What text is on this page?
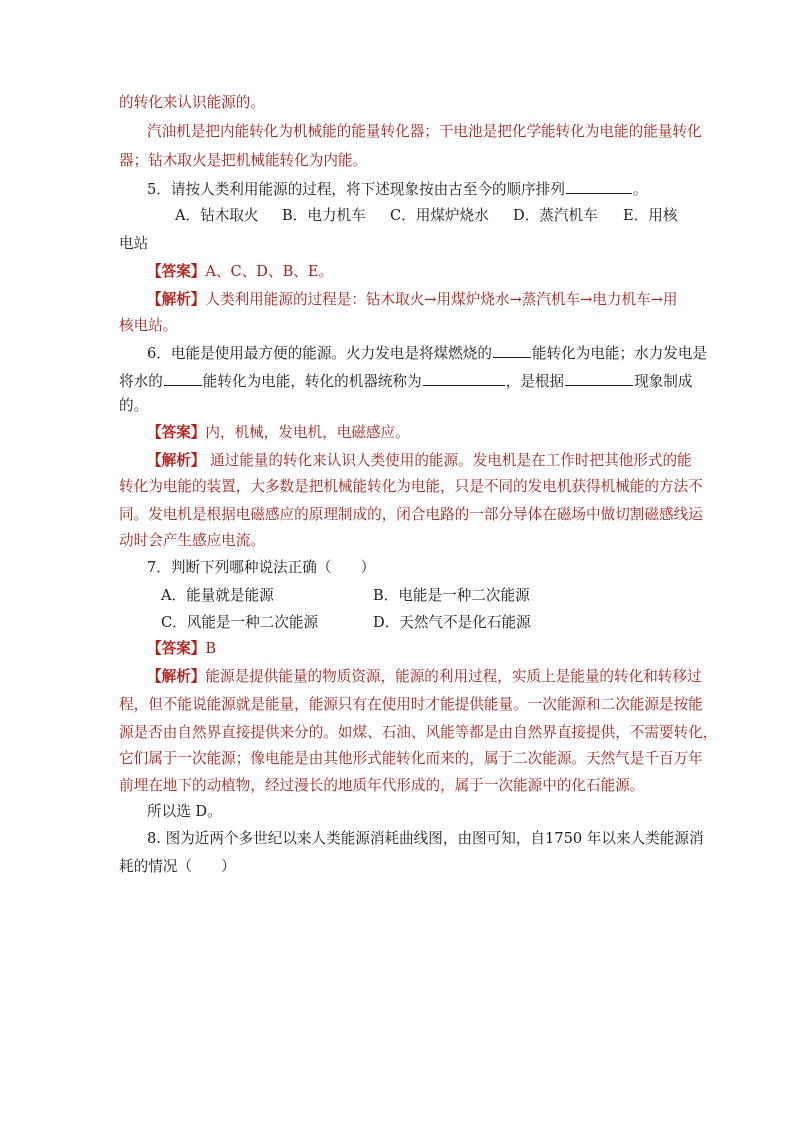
的转化来认识能源的。
汽油机是把内能转化为机械能的能量转化器；干电池是把化学能转化为电能的能量转化
器；钻木取火是把机械能转化为内能。
5．请按人类利用能源的过程，将下述现象按由古至今的顺序排列	。
A．钻木取火 B．电力机车 C．用煤炉烧水 D．蒸汽机车 E．用核
电站
【答案】A、C、D、B、E。
【解析】人类利用能源的过程是：钻木取火→用煤炉烧水→蒸汽机车→电力机车→用
核电站。
6．电能是使用最方便的能源。火力发电是将煤燃烧的	能转化为电能；水力发电是
将水的	能转化为电能，转化的机器统称为	，是根据	现象制成
的。
【答案】内，机械，发电机，电磁感应。
【解析】 通过能量的转化来认识人类使用的能源。发电机是在工作时把其他形式的能
转化为电能的装置，大多数是把机械能转化为电能，只是不同的发电机获得机械能的方法不
同。发电机是根据电磁感应的原理制成的，闭合电路的一部分导体在磁场中做切割磁感线运
动时会产生感应电流。
7．判断下列哪种说法正确（　　）
A．能量就是能源	B．电能是一种二次能源
C．风能是一种二次能源	D．天然气不是化石能源
【答案】B
【解析】能源是提供能量的物质资源，能源的利用过程，实质上是能量的转化和转移过
程，但不能说能源就是能量，能源只有在使用时才能提供能量。一次能源和二次能源是按能
源是否由自然界直接提供来分的。如煤、石油、风能等都是由自然界直接提供，不需要转化，
它们属于一次能源；像电能是由其他形式能转化而来的，属于二次能源。天然气是千百万年
前埋在地下的动植物，经过漫长的地质年代形成的，属于一次能源中的化石能源。
所以选 D。
8. 图为近两个多世纪以来人类能源消耗曲线图，由图可知，自1750 年以来人类能源消
耗的情况（　　）
